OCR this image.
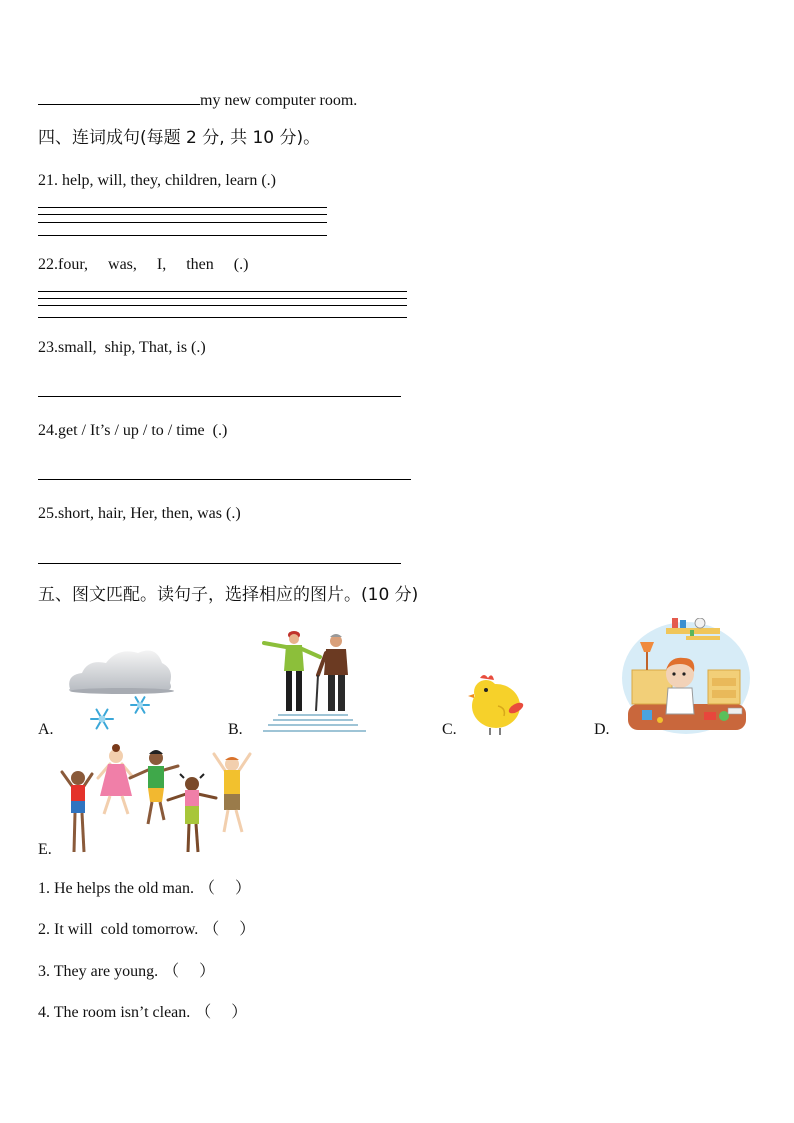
my new computer room.
四、连词成句(每题 2 分, 共 10 分)。
21. help, will, they, children, learn (.)
22.four,     was,     I,     then     (.)
23.small,  ship, That, is (.)
24.get / It’s / up / to / time  (.)
25.short, hair, Her, then, was (.)
五、图文匹配。读句子，选择相应的图片。(10 分)
A.	B.	C.	D.
E.
1. He helps the old man. （ ）
2. It will  cold tomorrow. （ ）
3. They are young. （ ）
4. The room isn’t clean. （ ）
